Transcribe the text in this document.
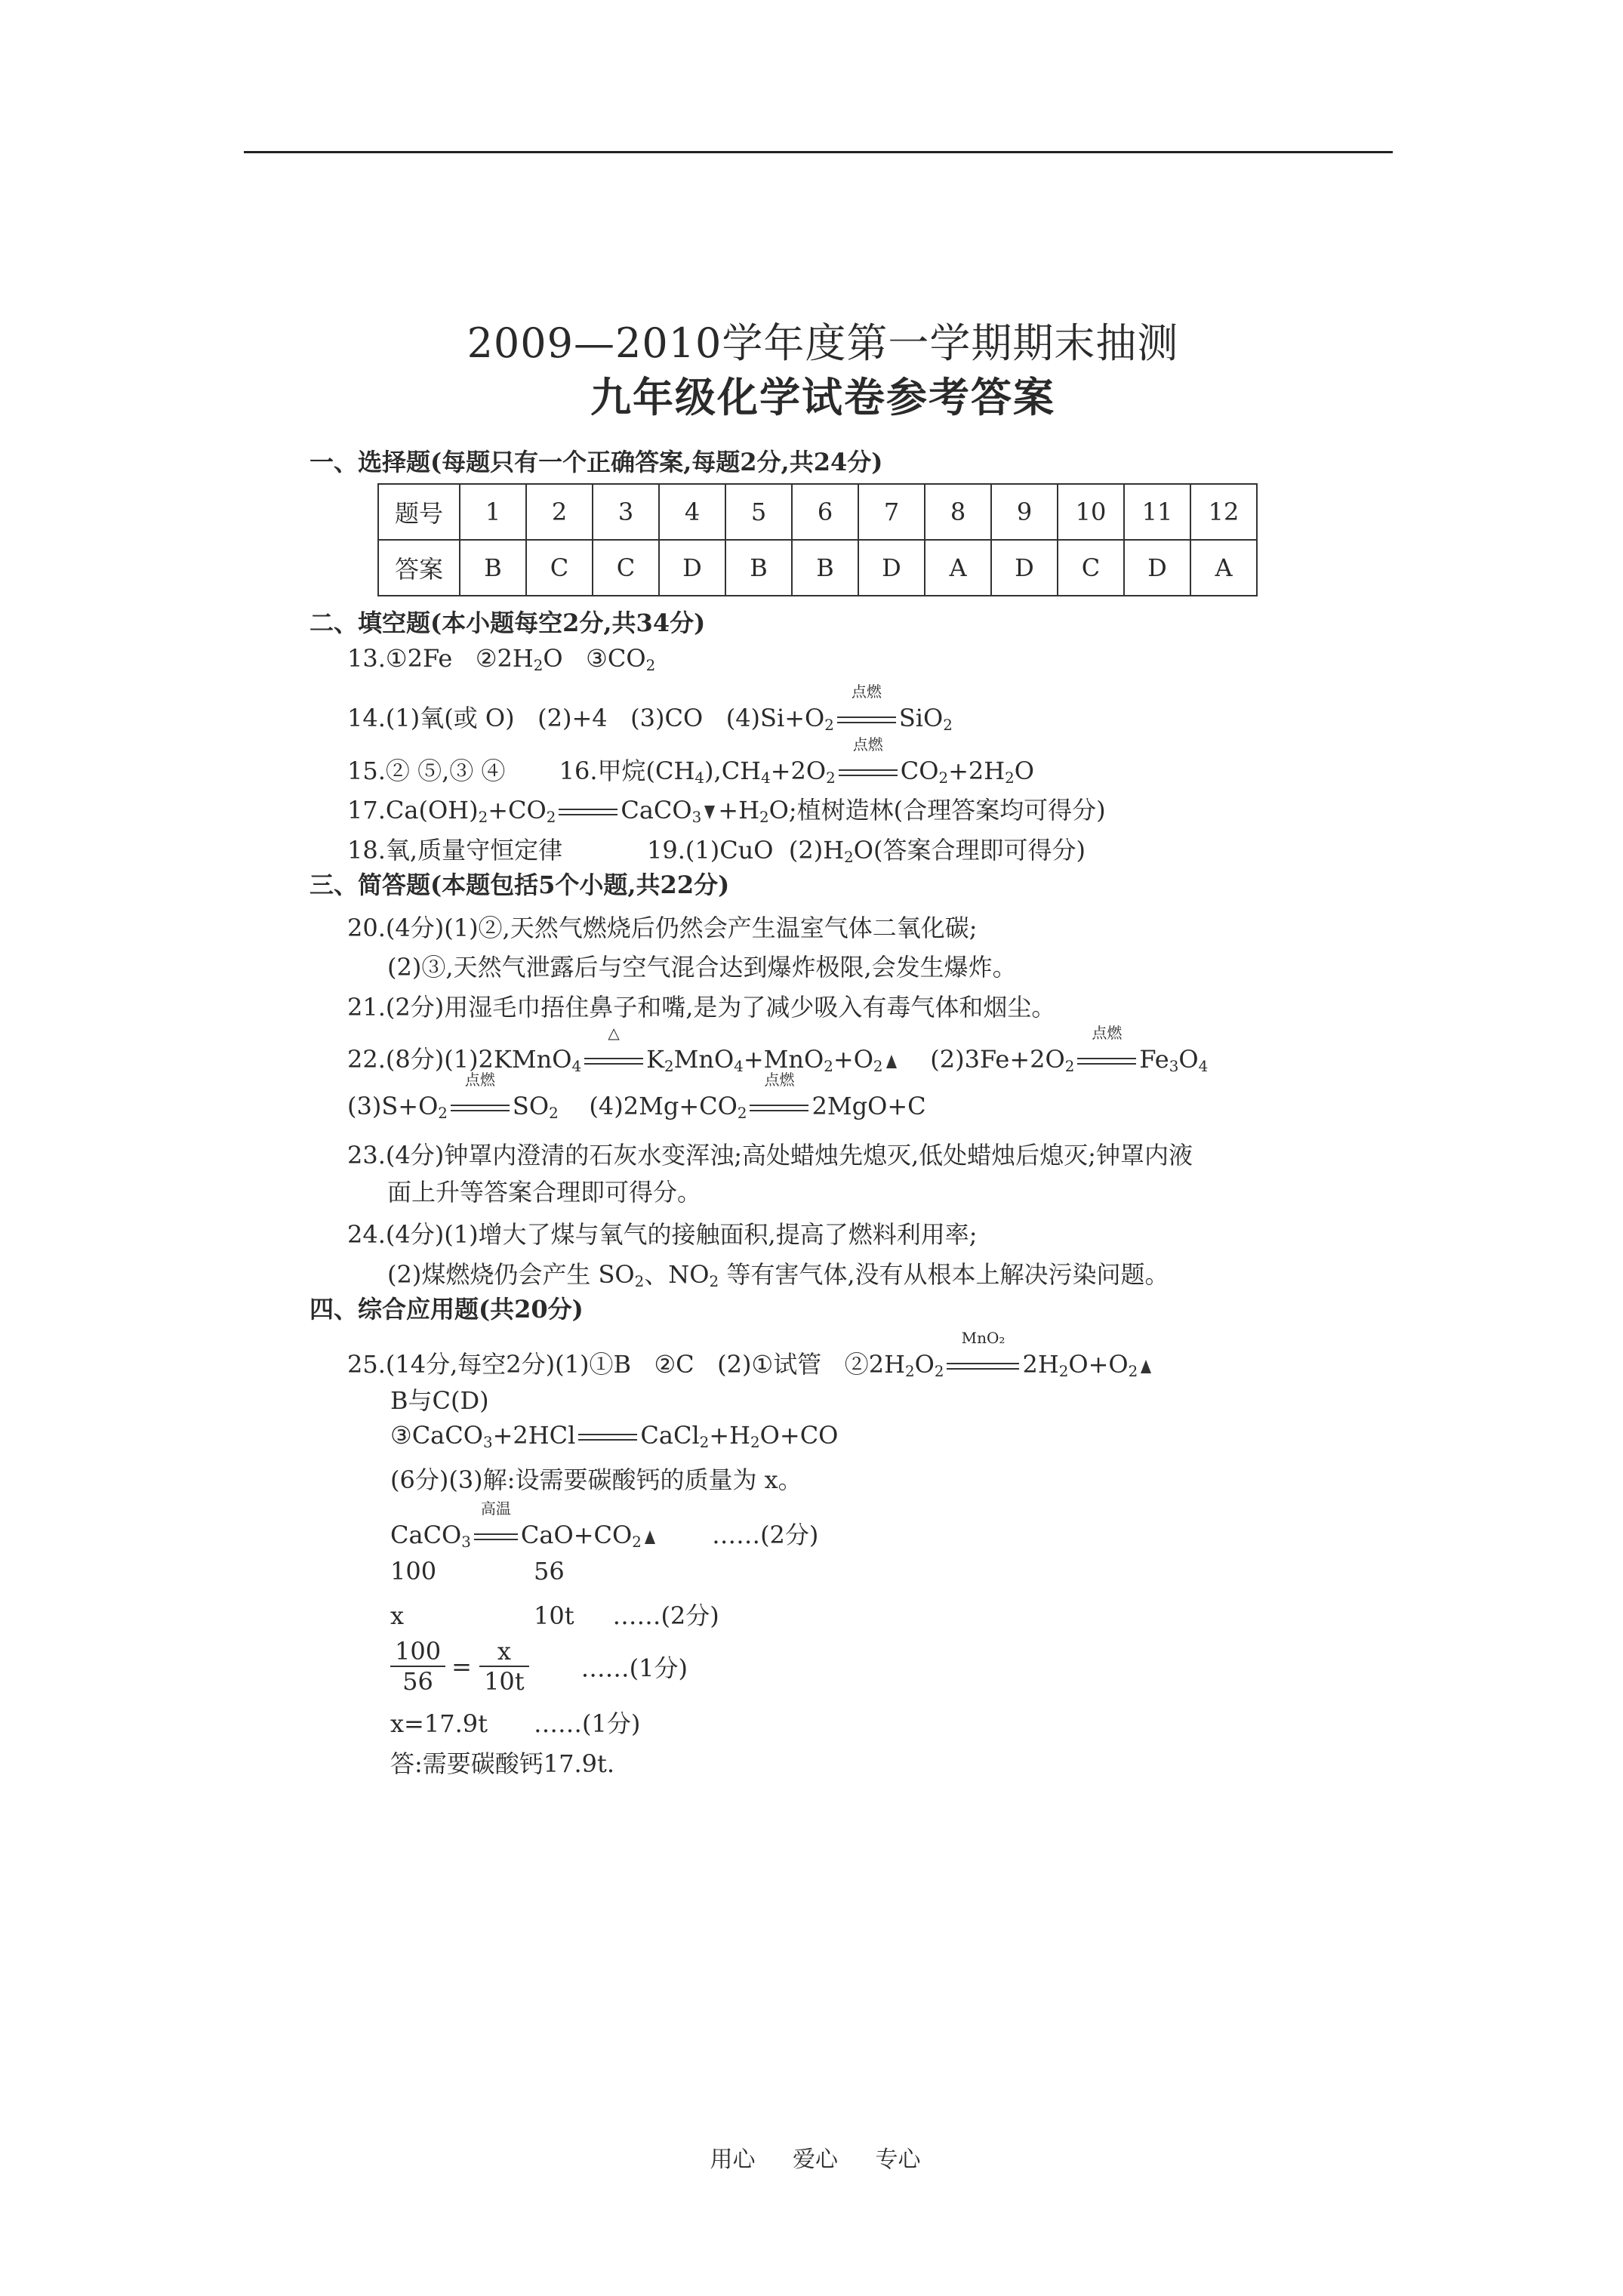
2009—2010学年度第一学期期末抽测
九年级化学试卷参考答案
一、选择题(每题只有一个正确答案,每题2分,共24分)
题号	1	2	3	4	5	6	7	8	9	10	11	12
答案	B	C	C	D	B	B	D	A	D	C	D	A
二、填空题(本小题每空2分,共34分)
13.①2Fe $②2H_2O$ $③CO_2$
14.(1)氧(或 O) (2)+4 (3)CO $(4)Si+O_2$
点燃
SiO$_2$
15.② ⑤,③ ④ 16.甲烷$(CH_4),CH_4+2O_2$
点燃
$CO_2+2H_2O$
$17.Ca(OH)_2+CO_2$	CaCO$_3$ $+H_2O$;植树造林(合理答案均可得分)
18.氧,质量守恒定律	19.(1)CuO $(2)H_2O$(答案合理即可得分)
三、简答题(本题包括5个小题,共22分)
20.(4分)(1)②,天然气燃烧后仍然会产生温室气体二氧化碳;
(2)③,天然气泄露后与空气混合达到爆炸极限,会发生爆炸。
21.(2分)用湿毛巾捂住鼻子和嘴,是为了减少吸入有毒气体和烟尘。
22.(8分)(1)2KMnO$_4$
△
$K_2MnO_4+MnO_2+O_2$ $(2)3Fe+2O_2$
点燃
$Fe_3O_4$
$(3)S+O_2$
点燃
$SO_2$ $(4)2Mg+CO_2$
点燃
2MgO+C
23.(4分)钟罩内澄清的石灰水变浑浊;高处蜡烛先熄灭,低处蜡烛后熄灭;钟罩内液
面上升等答案合理即可得分。
24.(4分)(1)增大了煤与氧气的接触面积,提高了燃料利用率;
(2)煤燃烧仍会产生 $SO_2$、$NO_2$ 等有害气体,没有从根本上解决污染问题。
四、综合应用题(共20分)
25.(14分,每空2分)(1)①B ②C (2)①试管 $②2H_2O_2$
MnO₂
$2H_2O+O_2$
B与C(D)
③CaCO$_3$+2HCl	$CaCl_2+H_2O+CO$
(6分)(3)解:设需要碳酸钙的质量为 x。
CaCO$_3$
高温
$CaO+CO_2$	……(2分)
100	56
x	10t ……(2分)
$\frac{100}{56} = \frac{x}{10t}$ ……(1分)
x=17.9t ……(1分)
答:需要碳酸钙17.9t.
用心 爱心 专心
